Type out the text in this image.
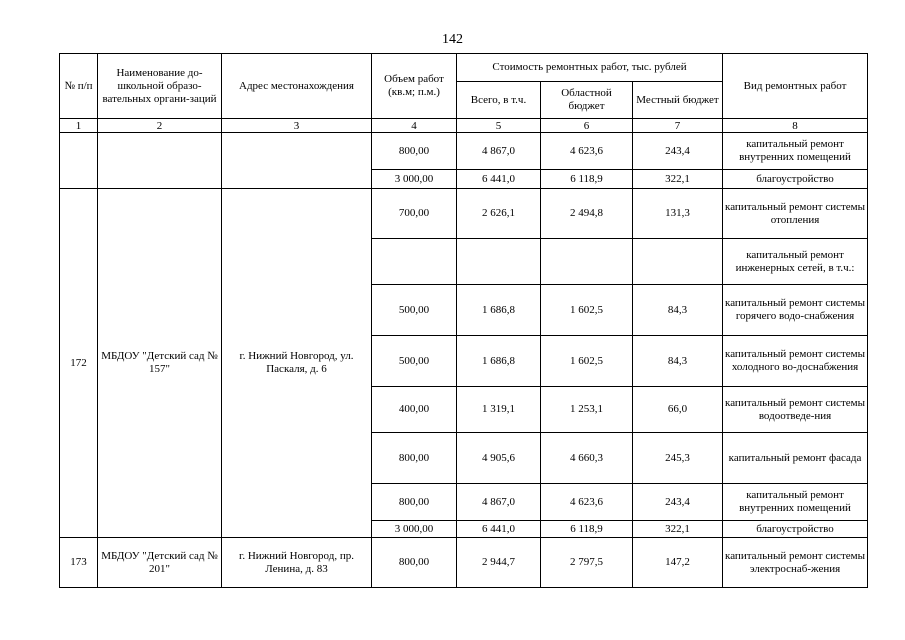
142
№ п/п	Наименование до-школьной образо-вательных органи-заций	Адрес местонахождения	Объем работ (кв.м; п.м.)	Стоимость ремонтных работ, тыс. рублей			Вид ремонтных работ
				Всего, в т.ч.	Областной бюджет	Местный бюджет	
1	2	3	4	5	6	7	8
			800,00	4 867,0	4 623,6	243,4	капитальный ремонт внутренних помещений
			3 000,00	6 441,0	6 118,9	322,1	благоустройство
172	МБДОУ "Детский сад № 157"	г. Нижний Новгород, ул. Паскаля, д. 6	700,00	2 626,1	2 494,8	131,3	капитальный ремонт системы отопления
							капитальный ремонт инженерных сетей, в т.ч.:
			500,00	1 686,8	1 602,5	84,3	капитальный ремонт системы горячего водо-снабжения
			500,00	1 686,8	1 602,5	84,3	капитальный ремонт системы холодного во-доснабжения
			400,00	1 319,1	1 253,1	66,0	капитальный ремонт системы водоотведе-ния
			800,00	4 905,6	4 660,3	245,3	капитальный ремонт фасада
			800,00	4 867,0	4 623,6	243,4	капитальный ремонт внутренних помещений
			3 000,00	6 441,0	6 118,9	322,1	благоустройство
173	МБДОУ "Детский сад № 201"	г. Нижний Новгород, пр. Ленина, д. 83	800,00	2 944,7	2 797,5	147,2	капитальный ремонт системы электроснаб-жения
